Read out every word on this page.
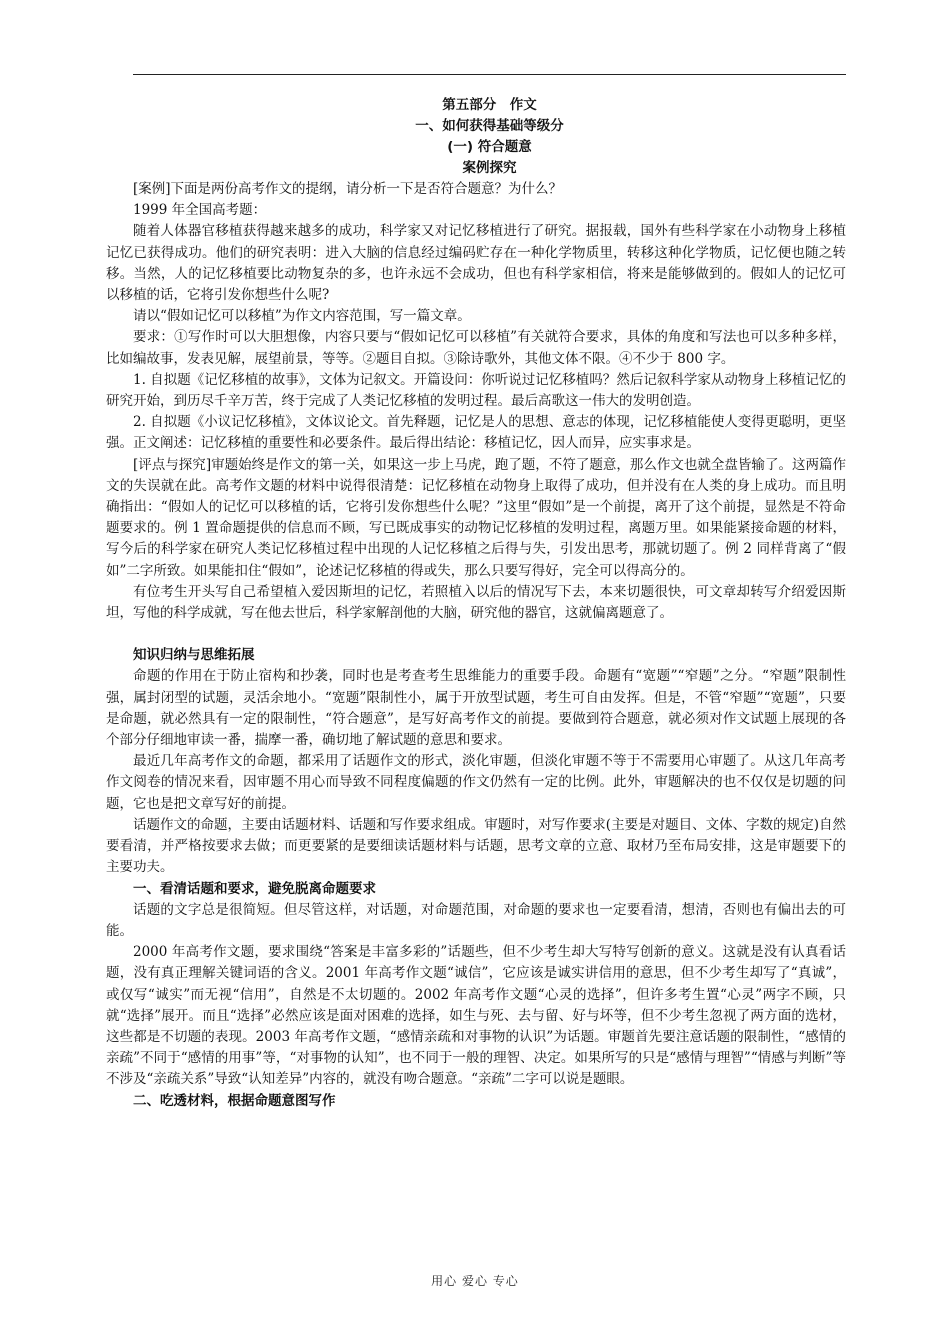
第五部分　作文

一、如何获得基础等级分

(一) 符合题意

案例探究

[案例]下面是两份高考作文的提纲，请分析一下是否符合题意？为什么？

1999 年全国高考题：

随着人体器官移植获得越来越多的成功，科学家又对记忆移植进行了研究。据报载，国外有些科学家在小动物身上移植记忆已获得成功。他们的研究表明：进入大脑的信息经过编码贮存在一种化学物质里，转移这种化学物质，记忆便也随之转移。当然，人的记忆移植要比动物复杂的多，也许永远不会成功，但也有科学家相信，将来是能够做到的。假如人的记忆可以移植的话，它将引发你想些什么呢?

请以“假如记忆可以移植”为作文内容范围，写一篇文章。

要求：①写作时可以大胆想像，内容只要与“假如记忆可以移植”有关就符合要求，具体的角度和写法也可以多种多样，比如编故事，发表见解，展望前景，等等。②题目自拟。③除诗歌外，其他文体不限。④不少于 800 字。

1. 自拟题《记忆移植的故事》，文体为记叙文。开篇设问：你听说过记忆移植吗？然后记叙科学家从动物身上移植记忆的研究开始，到历尽千辛万苦，终于完成了人类记忆移植的发明过程。最后高歌这一伟大的发明创造。

2. 自拟题《小议记忆移植》，文体议论文。首先释题，记忆是人的思想、意志的体现，记忆移植能使人变得更聪明，更坚强。正文阐述：记忆移植的重要性和必要条件。最后得出结论：移植记忆，因人而异，应实事求是。

[评点与探究]审题始终是作文的第一关，如果这一步上马虎，跑了题，不符了题意，那么作文也就全盘皆输了。这两篇作文的失误就在此。高考作文题的材料中说得很清楚：记忆移植在动物身上取得了成功，但并没有在人类的身上成功。而且明确指出：“假如人的记忆可以移植的话，它将引发你想些什么呢？”这里“假如”是一个前提，离开了这个前提，显然是不符命题要求的。例 1 置命题提供的信息而不顾，写已既成事实的动物记忆移植的发明过程，离题万里。如果能紧接命题的材料，写今后的科学家在研究人类记忆移植过程中出现的人记忆移植之后得与失，引发出思考，那就切题了。例 2 同样背离了“假如”二字所致。如果能扣住“假如”，论述记忆移植的得或失，那么只要写得好，完全可以得高分的。

有位考生开头写自己希望植入爱因斯坦的记忆，若照植入以后的情况写下去，本来切题很快，可文章却转写介绍爱因斯坦，写他的科学成就，写在他去世后，科学家解剖他的大脑，研究他的器官，这就偏离题意了。

知识归纳与思维拓展

命题的作用在于防止宿构和抄袭，同时也是考查考生思维能力的重要手段。命题有“宽题”“窄题”之分。“窄题”限制性强，属封闭型的试题，灵活余地小。“宽题”限制性小，属于开放型试题，考生可自由发挥。但是，不管“窄题”“宽题”，只要是命题，就必然具有一定的限制性，“符合题意”，是写好高考作文的前提。要做到符合题意，就必须对作文试题上展现的各个部分仔细地审读一番，揣摩一番，确切地了解试题的意思和要求。

最近几年高考作文的命题，都采用了话题作文的形式，淡化审题，但淡化审题不等于不需要用心审题了。从这几年高考作文阅卷的情况来看，因审题不用心而导致不同程度偏题的作文仍然有一定的比例。此外，审题解决的也不仅仅是切题的问题，它也是把文章写好的前提。

话题作文的命题，主要由话题材料、话题和写作要求组成。审题时，对写作要求(主要是对题目、文体、字数的规定)自然要看清，并严格按要求去做；而更要紧的是要细读话题材料与话题，思考文章的立意、取材乃至布局安排，这是审题要下的主要功夫。

一、看清话题和要求，避免脱离命题要求

话题的文字总是很简短。但尽管这样，对话题，对命题范围，对命题的要求也一定要看清，想清，否则也有偏出去的可能。

2000 年高考作文题，要求围绕“答案是丰富多彩的”话题些，但不少考生却大写特写创新的意义。这就是没有认真看话题，没有真正理解关键词语的含义。2001 年高考作文题“诚信”，它应该是诚实讲信用的意思，但不少考生却写了“真诚”，或仅写“诚实”而无视“信用”，自然是不太切题的。2002 年高考作文题“心灵的选择”，但许多考生置“心灵”两字不顾，只就“选择”展开。而且“选择”必然应该是面对困难的选择，如生与死、去与留、好与坏等，但不少考生忽视了两方面的选材，这些都是不切题的表现。2003 年高考作文题，“感情亲疏和对事物的认识”为话题。审题首先要注意话题的限制性，“感情的亲疏”不同于“感情的用事”等，“对事物的认知”，也不同于一般的理智、决定。如果所写的只是“感情与理智”“情感与判断”等不涉及“亲疏关系”导致“认知差异”内容的，就没有吻合题意。“亲疏”二字可以说是题眼。

二、吃透材料，根据命题意图写作

用心 爱心 专心
